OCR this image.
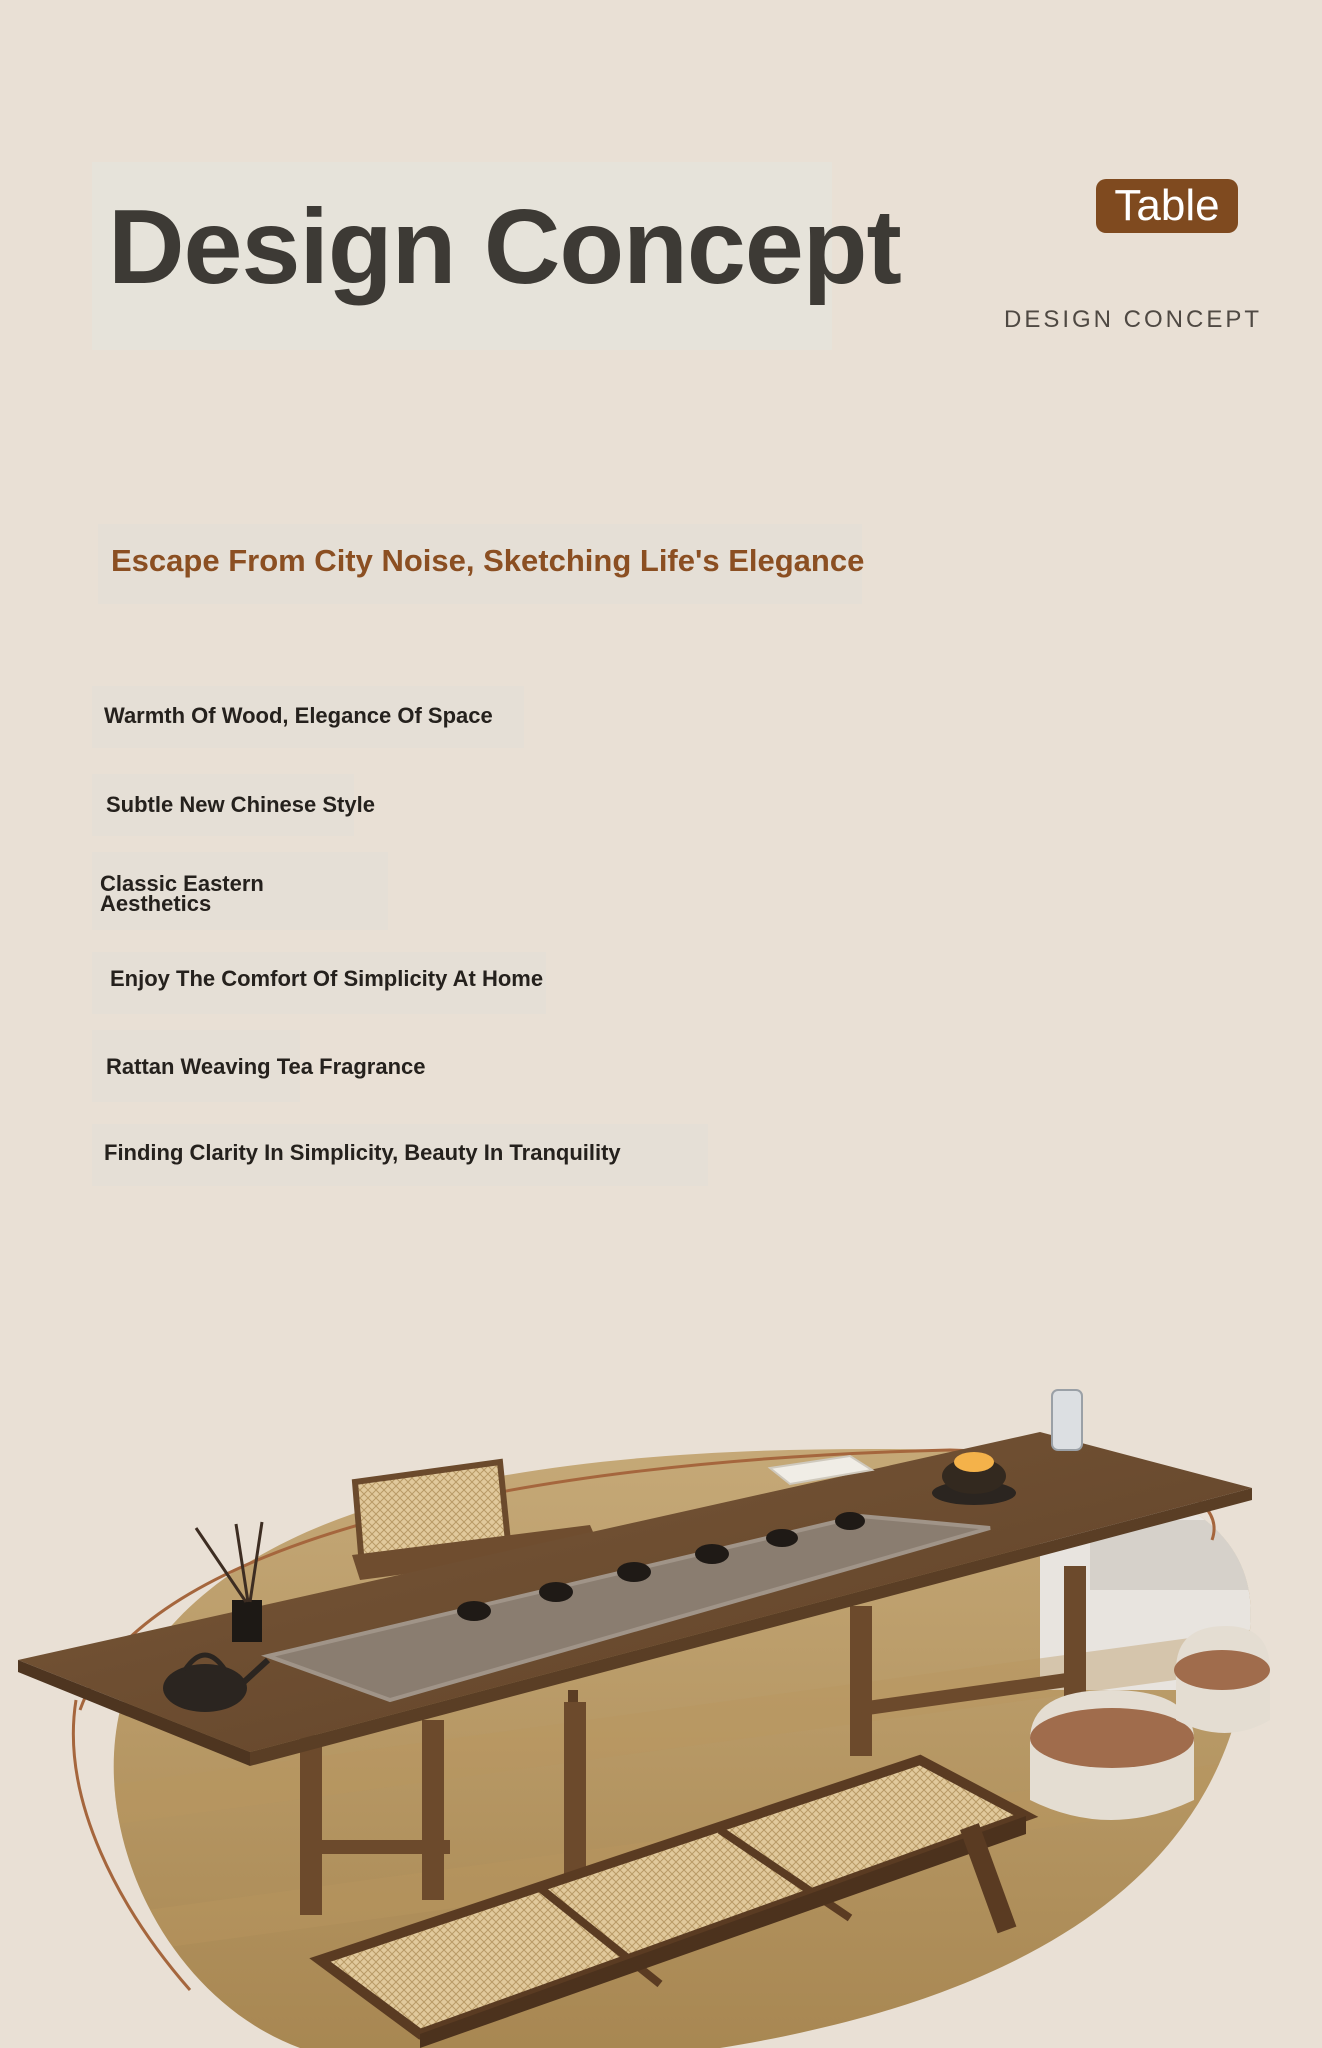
Design Concept	Table
DESIGN CONCEPT
Escape From City Noise, Sketching Life's Elegance
Warmth Of Wood, Elegance Of Space
Subtle New Chinese Style
Classic Eastern Aesthetics
Enjoy The Comfort Of Simplicity At Home
Rattan Weaving Tea Fragrance
Finding Clarity In Simplicity, Beauty In Tranquility
